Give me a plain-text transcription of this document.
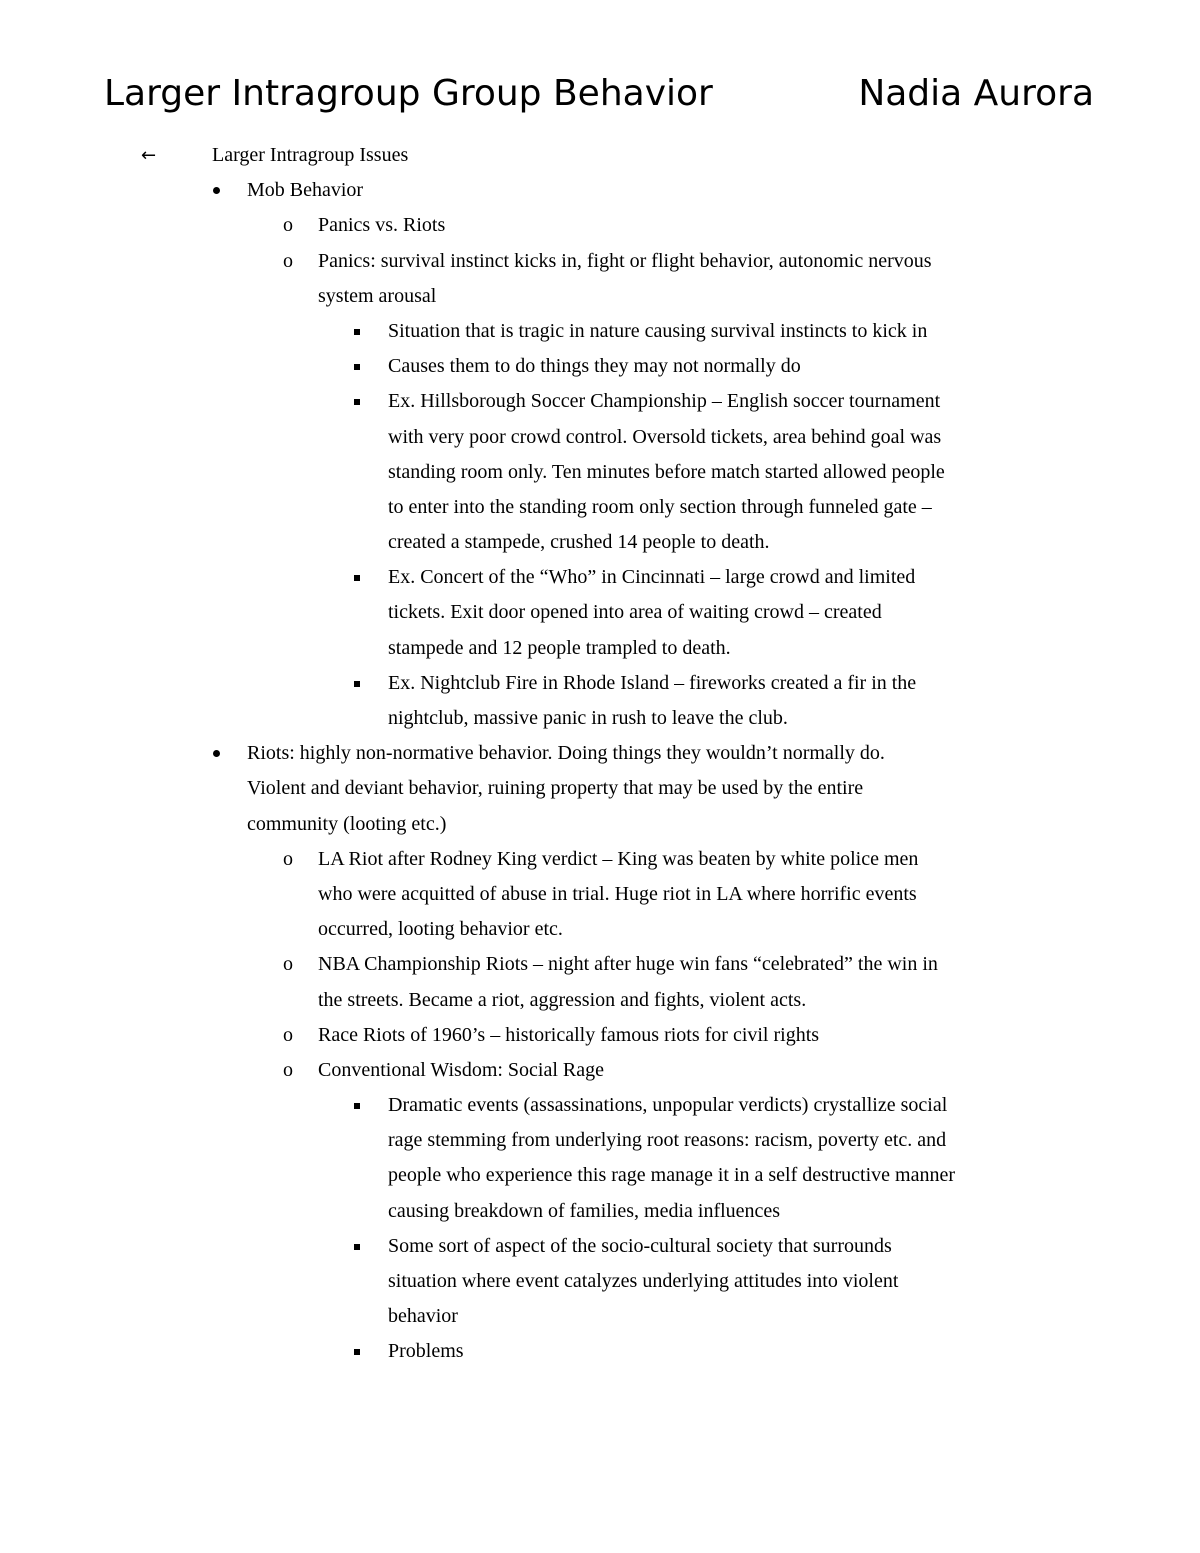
Larger Intragroup Group Behavior	Nadia Aurora
←	Larger Intragroup Issues
Mob Behavior
o Panics vs. Riots
o Panics: survival instinct kicks in, fight or flight behavior, autonomic nervous
system arousal
Situation that is tragic in nature causing survival instincts to kick in
Causes them to do things they may not normally do
Ex. Hillsborough Soccer Championship – English soccer tournament
with very poor crowd control. Oversold tickets, area behind goal was
standing room only. Ten minutes before match started allowed people
to enter into the standing room only section through funneled gate –
created a stampede, crushed 14 people to death.
Ex. Concert of the “Who” in Cincinnati – large crowd and limited
tickets. Exit door opened into area of waiting crowd – created
stampede and 12 people trampled to death.
Ex. Nightclub Fire in Rhode Island – fireworks created a fir in the
nightclub, massive panic in rush to leave the club.
Riots: highly non-normative behavior. Doing things they wouldn’t normally do.
Violent and deviant behavior, ruining property that may be used by the entire
community (looting etc.)
o LA Riot after Rodney King verdict – King was beaten by white police men
who were acquitted of abuse in trial. Huge riot in LA where horrific events
occurred, looting behavior etc.
o NBA Championship Riots – night after huge win fans “celebrated” the win in
the streets. Became a riot, aggression and fights, violent acts.
o Race Riots of 1960’s – historically famous riots for civil rights
o Conventional Wisdom: Social Rage
Dramatic events (assassinations, unpopular verdicts) crystallize social
rage stemming from underlying root reasons: racism, poverty etc. and
people who experience this rage manage it in a self destructive manner
causing breakdown of families, media influences
Some sort of aspect of the socio-cultural society that surrounds
situation where event catalyzes underlying attitudes into violent
behavior
Problems
